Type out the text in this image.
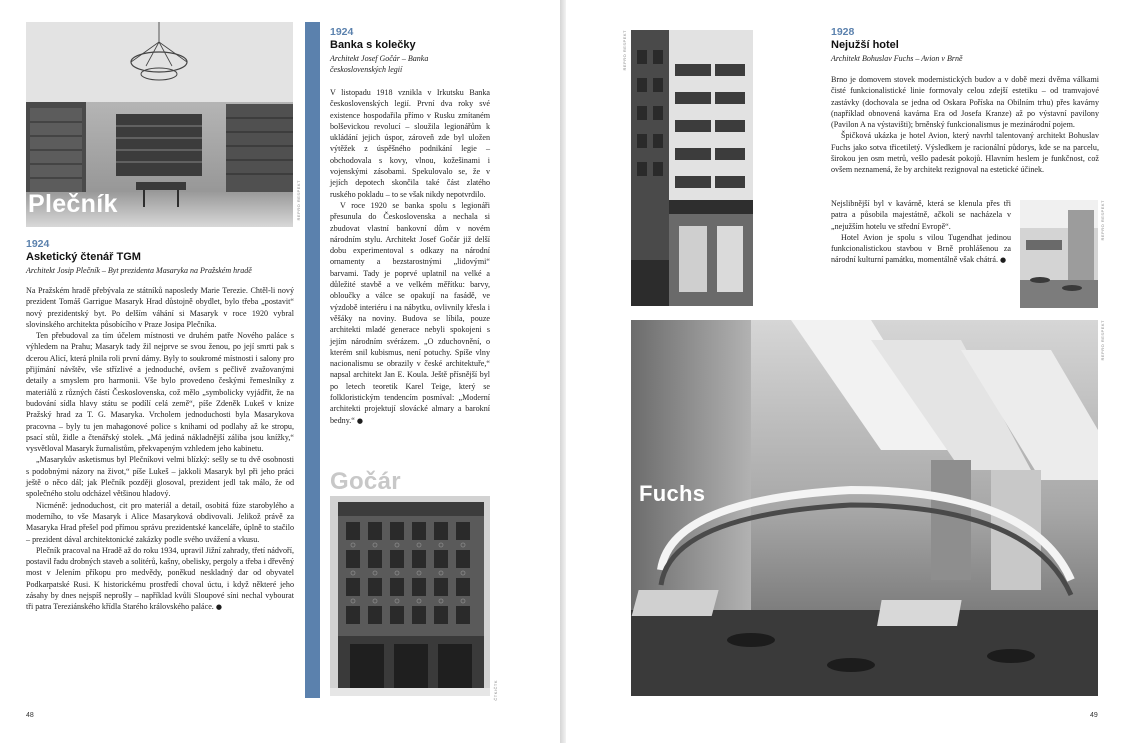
Plečník	REPRO RESPEKT
1924
Asketický čtenář TGM
Architekt Josip Plečník – Byt prezidenta Masaryka na Pražském hradě

Na Pražském hradě přebývala ze státníků naposledy Marie Terezie. Chtěl-li nový prezident Tomáš Garrigue Masaryk Hrad důstojně obydlet, bylo třeba „postavit“ nový prezidentský byt. Po delším váhání si Masaryk v roce 1920 vybral slovinského architekta působícího v Praze Josipa Plečníka.

Ten přebudoval za tím účelem místnosti ve druhém patře Nového paláce s výhledem na Prahu; Masaryk tady žil nejprve se svou ženou, po její smrti pak s dcerou Alicí, která plnila roli první dámy. Byly to soukromé místnosti i salony pro přijímání návštěv, vše střízlivé a jednoduché, ovšem s pečlivě zvažovanými detaily a smyslem pro harmonii. Vše bylo provedeno českými řemeslníky z materiálů z různých částí Československa, což mělo „symbolicky vyjádřit, že na budování sídla hlavy státu se podílí celá země“, píše Zdeněk Lukeš v knize Pražský hrad za T. G. Masaryka. Vrcholem jednoduchosti byla Masarykova pracovna – byly tu jen mahagonové police s knihami od podlahy až ke stropu, psací stůl, židle a čtenářský stolek. „Má jediná nákladnější záliba jsou knížky,“ vysvětloval Masaryk žurnalistům, překvapeným vzhledem jeho kabinetu.

„Masarykův asketismus byl Plečníkovi velmi blízký: sešly se tu dvě osobnosti s podobnými názory na život,“ píše Lukeš – jakkoli Masaryk byl při jeho práci ještě o něco dál; jak Plečník později glosoval, prezident jedl tak málo, že od společného stolu odcházel většinou hladový.

Nicméně: jednoduchost, cit pro materiál a detail, osobitá fúze starobylého a moderního, to vše Masaryk i Alice Masaryková obdivovali. Jelikož právě za Masaryka Hrad přešel pod přímou správu prezidentské kanceláře, úplně to stačilo – prezident dával architektonické zakázky podle svého uvážení a vkusu.

Plečník pracoval na Hradě až do roku 1934, upravil Jižní zahrady, třetí nádvoří, postavil řadu drobných staveb a solitérů, kašny, obelisky, pergoly a třeba i dřevěný most v Jelením příkopu pro medvědy, poněkud neskladný dar od obyvatel Podkarpatské Rusi. K historickému prostředí choval úctu, i když některé jeho zásahy by dnes nejspíš neprošly – například kvůli Sloupové síni nechal vybourat tři patra Tereziánského křídla Starého královského paláce. ●

48
1924
Banka s kolečky
Architekt Josef Gočár – Banka československých legií

V listopadu 1918 vznikla v Irkutsku Banka československých legií. První dva roky své existence hospodařila přímo v Rusku zmítaném bolševickou revolucí – sloužila legionářům k ukládání jejich úspor, zároveň zde byl uložen výtěžek z úspěšného podnikání legie – obchodovala s kovy, vlnou, kožešinami i vojenskými zásobami. Spekulovalo se, že v jejích depotech skončila také část zlatého ruského pokladu – to se však nikdy nepotvrdilo.

V roce 1920 se banka spolu s legionáři přesunula do Československa a nechala si zbudovat vlastní bankovní dům v novém národním stylu. Architekt Josef Gočár již delší dobu experimentoval s odkazy na národní ornamenty a bezstarostnými „lidovými“ barvami. Tady je poprvé uplatnil na velké a důležité stavbě a ve velkém měřítku: barvy, obloučky a válce se opakují na fasádě, ve výzdobě interiéru i na nábytku, ovlivnily křesla i věšáky na noviny. Budova se líbila, pouze architekti mladé generace nebyli spokojeni s jejím národním svérázem. „O zduchovnění, o kterém snil kubismus, není potuchy. Spíše vlny nacionalismu se obrazily v české architektuře,“ napsal architekt Jan E. Koula. Ještě přísnější byl po letech teoretik Karel Teige, který se folkloristickým tendencím posmíval: „Moderní architekti projektují slovácké almary a barokní bedny.“ ●

Gočár
ČTK/ČTK
REPRO RESPEKT	1928
Nejužší hotel
Architekt Bohuslav Fuchs – Avion v Brně

Brno je domovem stovek modernistických budov a v době mezi dvěma válkami čisté funkcionalistické linie formovaly celou zdejší estetiku – od tramvajové zastávky (dochovala se jedna od Oskara Poříska na Obilním trhu) přes kavárny (například obnovená kavárna Era od Josefa Kranze) až po výstavní pavilony (Pavilon A na výstavišti); brněnský funkcionalismus je mezinárodní pojem.

Špičková ukázka je hotel Avion, který navrhl talentovaný architekt Bohuslav Fuchs jako sotva třicetiletý. Výsledkem je racionální půdorys, kde se na parcelu, širokou jen osm metrů, vešlo padesát pokojů. Hlavním heslem je funkčnost, což ovšem neznamená, že by architekt rezignoval na estetické účinek.

Nejslibnější byl v kavárně, která se klenula přes tři patra a působila majestátně, ačkoli se nacházela v „nejužším hotelu ve střední Evropě“.

Hotel Avion je spolu s vilou Tugendhat jedinou funkcionalistickou stavbou v Brně prohlášenou za národní kulturní památku, momentálně však chátrá. ●

REPRO RESPEKT
Fuchs
REPRO RESPEKT
49
